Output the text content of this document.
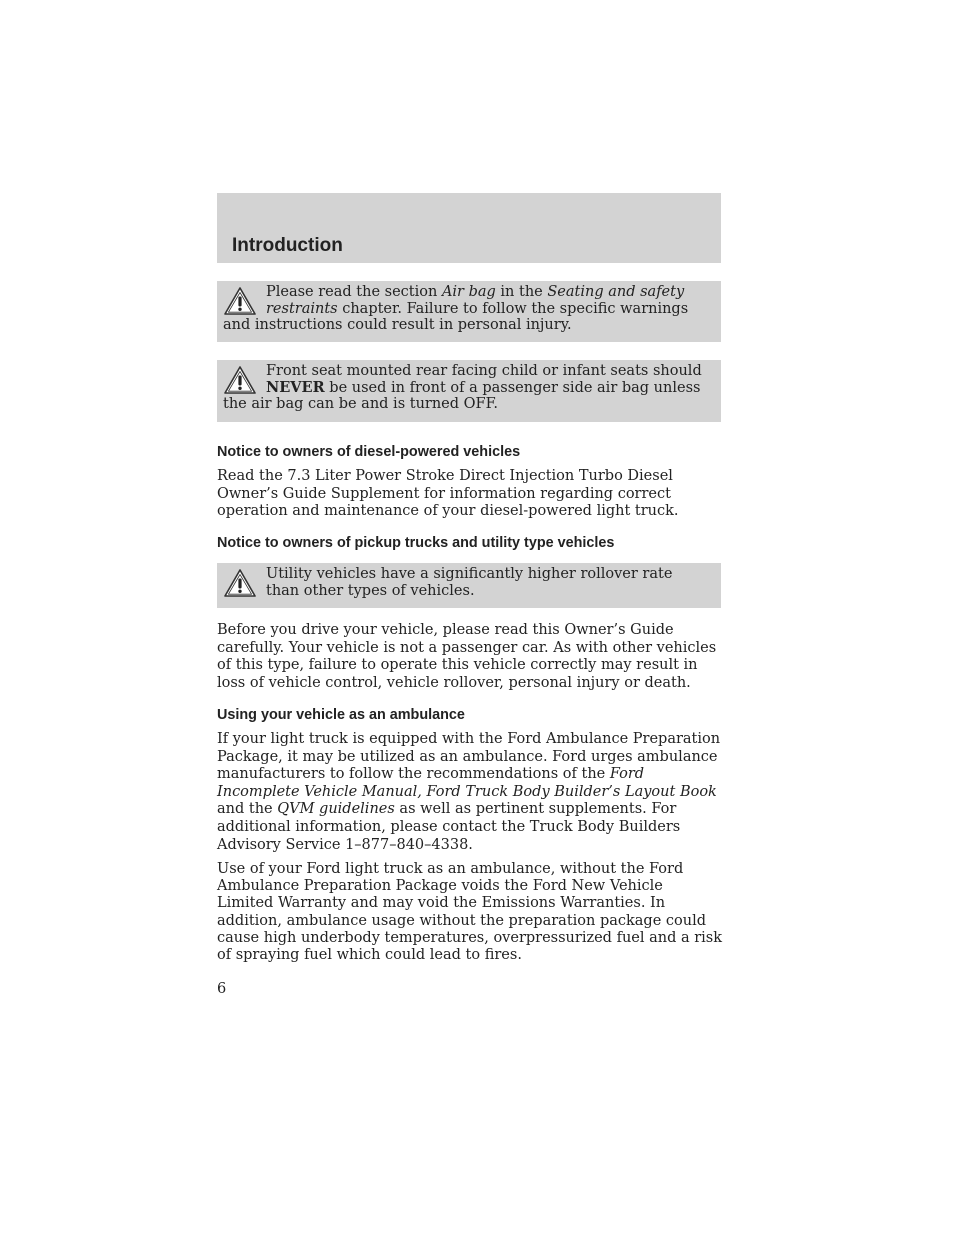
Introduction
Please read the section Air bag in the Seating and safety restraints chapter. Failure to follow the specific warnings and instructions could result in personal injury.
Front seat mounted rear facing child or infant seats should NEVER be used in front of a passenger side air bag unless the air bag can be and is turned OFF.
Notice to owners of diesel-powered vehicles

Read the 7.3 Liter Power Stroke Direct Injection Turbo Diesel Owner’s Guide Supplement for information regarding correct operation and maintenance of your diesel-powered light truck.

Notice to owners of pickup trucks and utility type vehicles
Utility vehicles have a significantly higher rollover rate than other types of vehicles.

Before you drive your vehicle, please read this Owner’s Guide carefully. Your vehicle is not a passenger car. As with other vehicles of this type, failure to operate this vehicle correctly may result in loss of vehicle control, vehicle rollover, personal injury or death.

Using your vehicle as an ambulance

If your light truck is equipped with the Ford Ambulance Preparation Package, it may be utilized as an ambulance. Ford urges ambulance manufacturers to follow the recommendations of the Ford Incomplete Vehicle Manual, Ford Truck Body Builder’s Layout Book and the QVM guidelines as well as pertinent supplements. For additional information, please contact the Truck Body Builders Advisory Service 1–877–840–4338.

Use of your Ford light truck as an ambulance, without the Ford Ambulance Preparation Package voids the Ford New Vehicle Limited Warranty and may void the Emissions Warranties. In addition, ambulance usage without the preparation package could cause high underbody temperatures, overpressurized fuel and a risk of spraying fuel which could lead to fires.

6
